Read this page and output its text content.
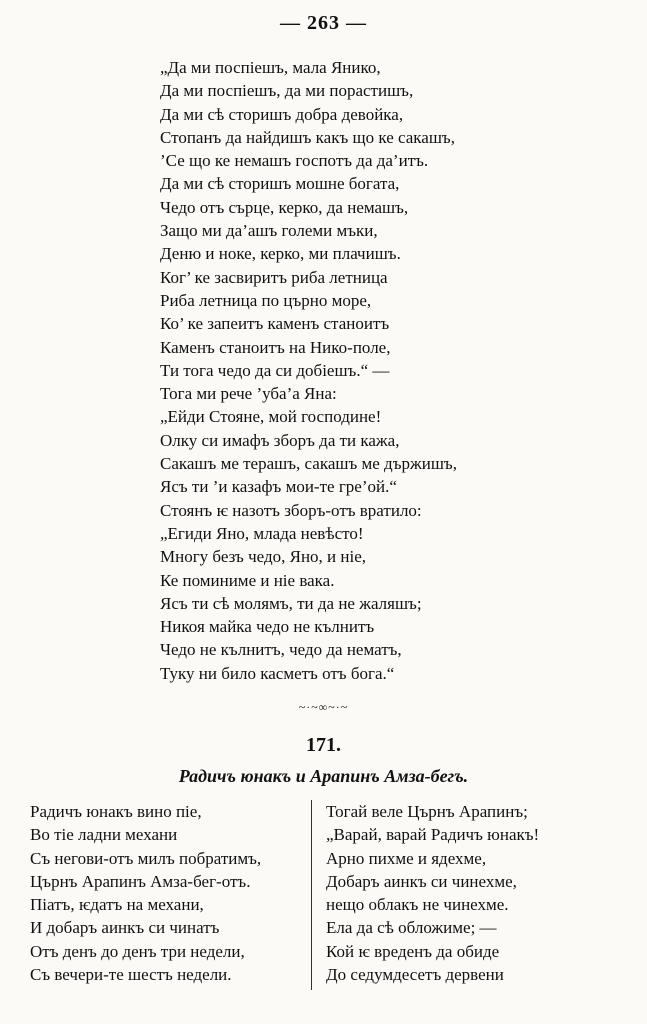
— 263 —
„Да ми поспiешъ, мала Янико,
Да ми поспiешъ, да ми порастишъ,
Да ми сѣ сторишъ добра девойка,
Стопанъ да найдишъ какъ що ке сакашъ,
’Се що ке немашъ госпотъ да да’итъ.
Да ми сѣ сторишъ мошне богата,
Чедо отъ сърце, керко, да немашъ,
Защо ми да’ашъ големи мъки,
Деню и ноке, керко, ми плачишъ.
Ког’ ке засвиритъ риба летница
Риба летница по църно море,
Ко’ ке запеитъ каменъ станоитъ
Каменъ станоитъ на Нико-поле,
Ти тога чедо да си добiешъ.“ —
Тога ми рече ’уба’а Яна:
„Ейди Стояне, мой господине!
Олку си имафъ зборъ да ти кажа,
Сакашъ ме терашъ, сакашъ ме държишъ,
Ясъ ти ’и казафъ мои-те гре’ой.“
Стоянъ ѥ назотъ зборъ-отъ вратило:
„Егиди Яно, млада невѣсто!
Многу безъ чедо, Яно, и нiе,
Ке поминиме и нiе вака.
Ясъ ти сѣ молямъ, ти да не жаляшъ;
Никоя майка чедо не кълнитъ
Чедо не кълнитъ, чедо да нематъ,
Туку ни било касметъ отъ бога.“
~·~∞~·~
171.
Радичъ юнакъ и Арапинъ Амза-бегъ.
Радичъ юнакъ вино пiе,
Во тiе ладни механи
Съ негови-отъ милъ побратимъ,
Църнъ Арапинъ Амза-бег-отъ.
Пiатъ, ѥдатъ на механи,
И добаръ аинкъ си чинатъ
Отъ денъ до денъ три недели,
Съ вечери-те шестъ недели.
Тогай веле Църнъ Арапинъ;
„Варай, варай Радичъ юнакъ!
Арно пихме и ядехме,
Добаръ аинкъ си чинехме,
нещо облакъ не чинехме.
Ела да сѣ обложиме; —
Кой ѥ вреденъ да обиде
До седумдесетъ дервени
